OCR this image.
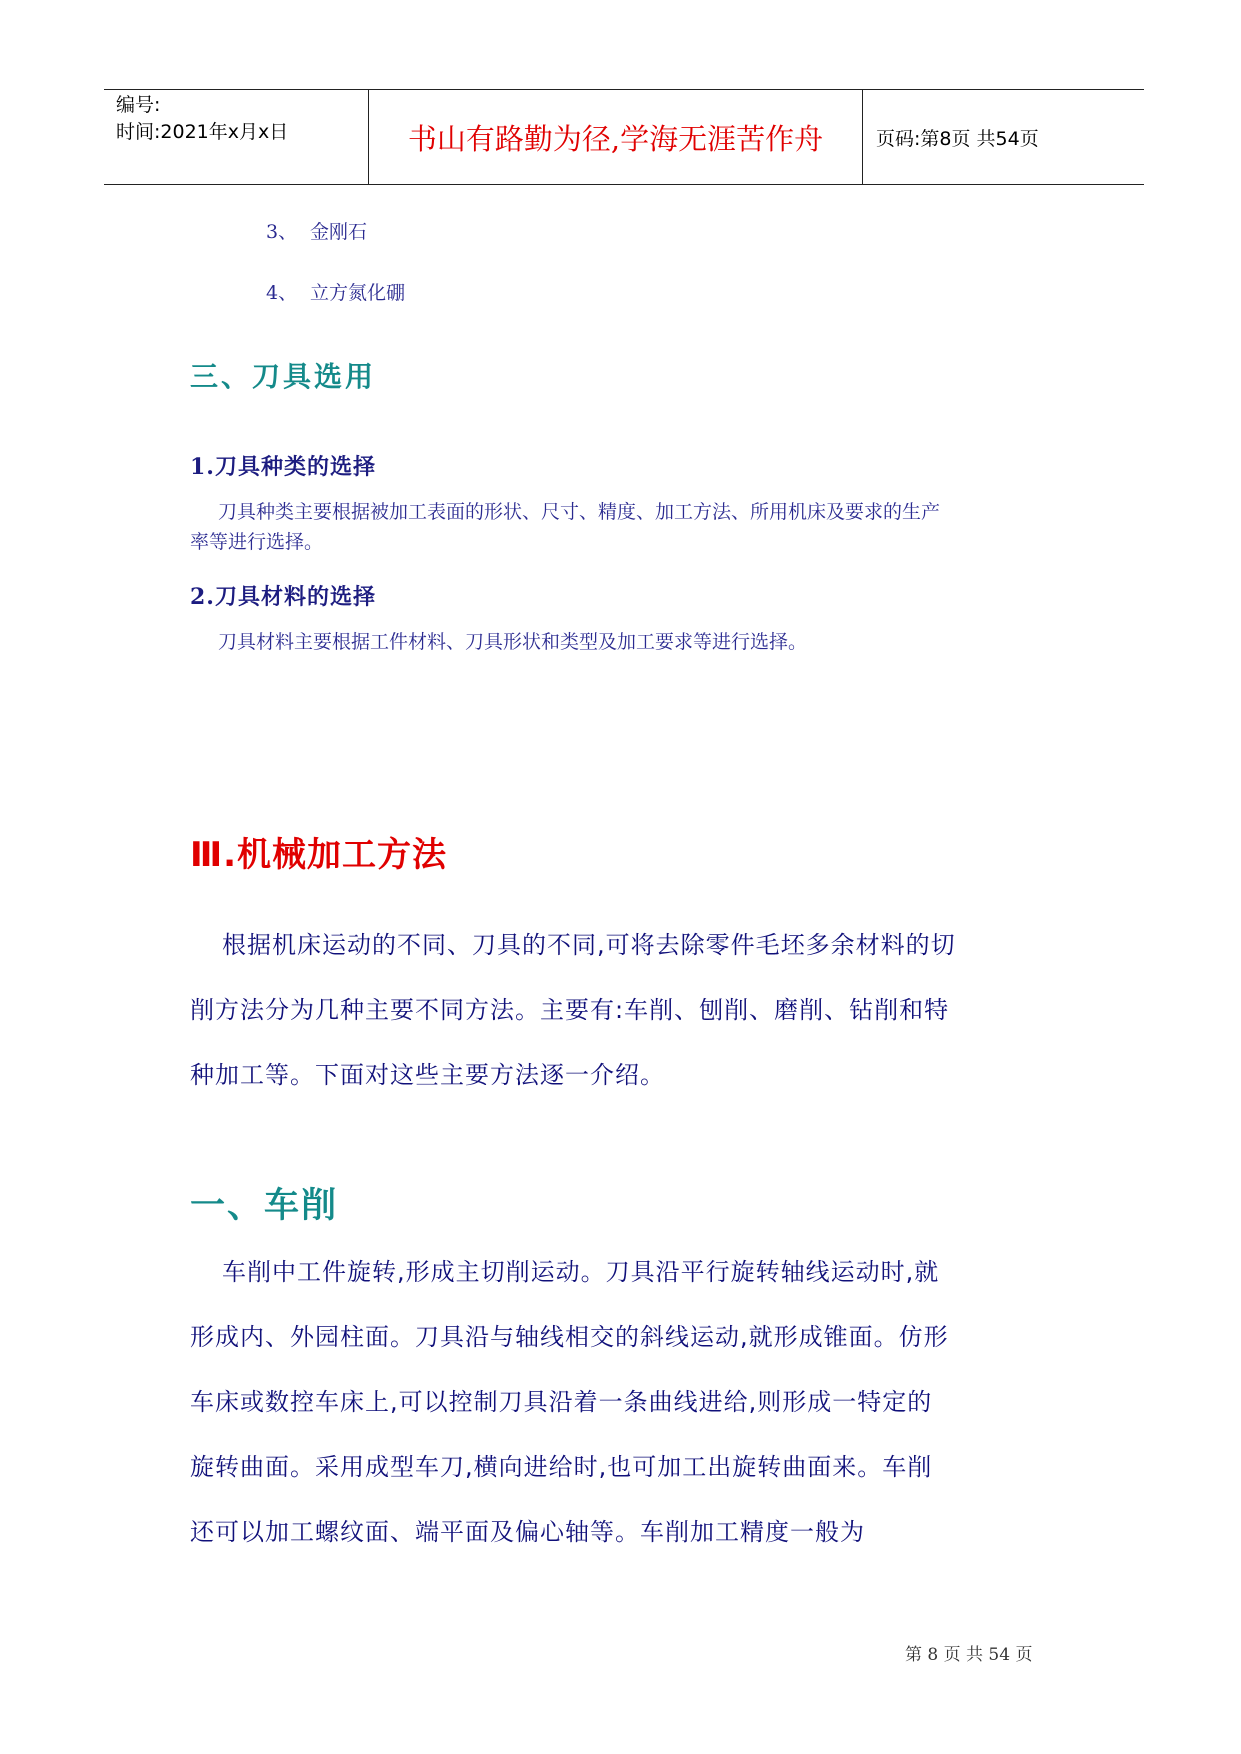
编号:
时间:2021年x月x日	书山有路勤为径,学海无涯苦作舟	页码:第8页 共54页
3、 金刚石
4、 立方氮化硼
三、刀具选用
1.刀具种类的选择
刀具种类主要根据被加工表面的形状、尺寸、精度、加工方法、所用机床及要求的生产
率等进行选择。
2.刀具材料的选择
刀具材料主要根据工件材料、刀具形状和类型及加工要求等进行选择。
Ⅲ.机械加工方法
根据机床运动的不同、刀具的不同,可将去除零件毛坯多余材料的切
削方法分为几种主要不同方法。主要有:车削、刨削、磨削、钻削和特
种加工等。下面对这些主要方法逐一介绍。
一、车削
车削中工件旋转,形成主切削运动。刀具沿平行旋转轴线运动时,就
形成内、外园柱面。刀具沿与轴线相交的斜线运动,就形成锥面。仿形
车床或数控车床上,可以控制刀具沿着一条曲线进给,则形成一特定的
旋转曲面。采用成型车刀,横向进给时,也可加工出旋转曲面来。车削
还可以加工螺纹面、端平面及偏心轴等。车削加工精度一般为
第 8 页 共 54 页
